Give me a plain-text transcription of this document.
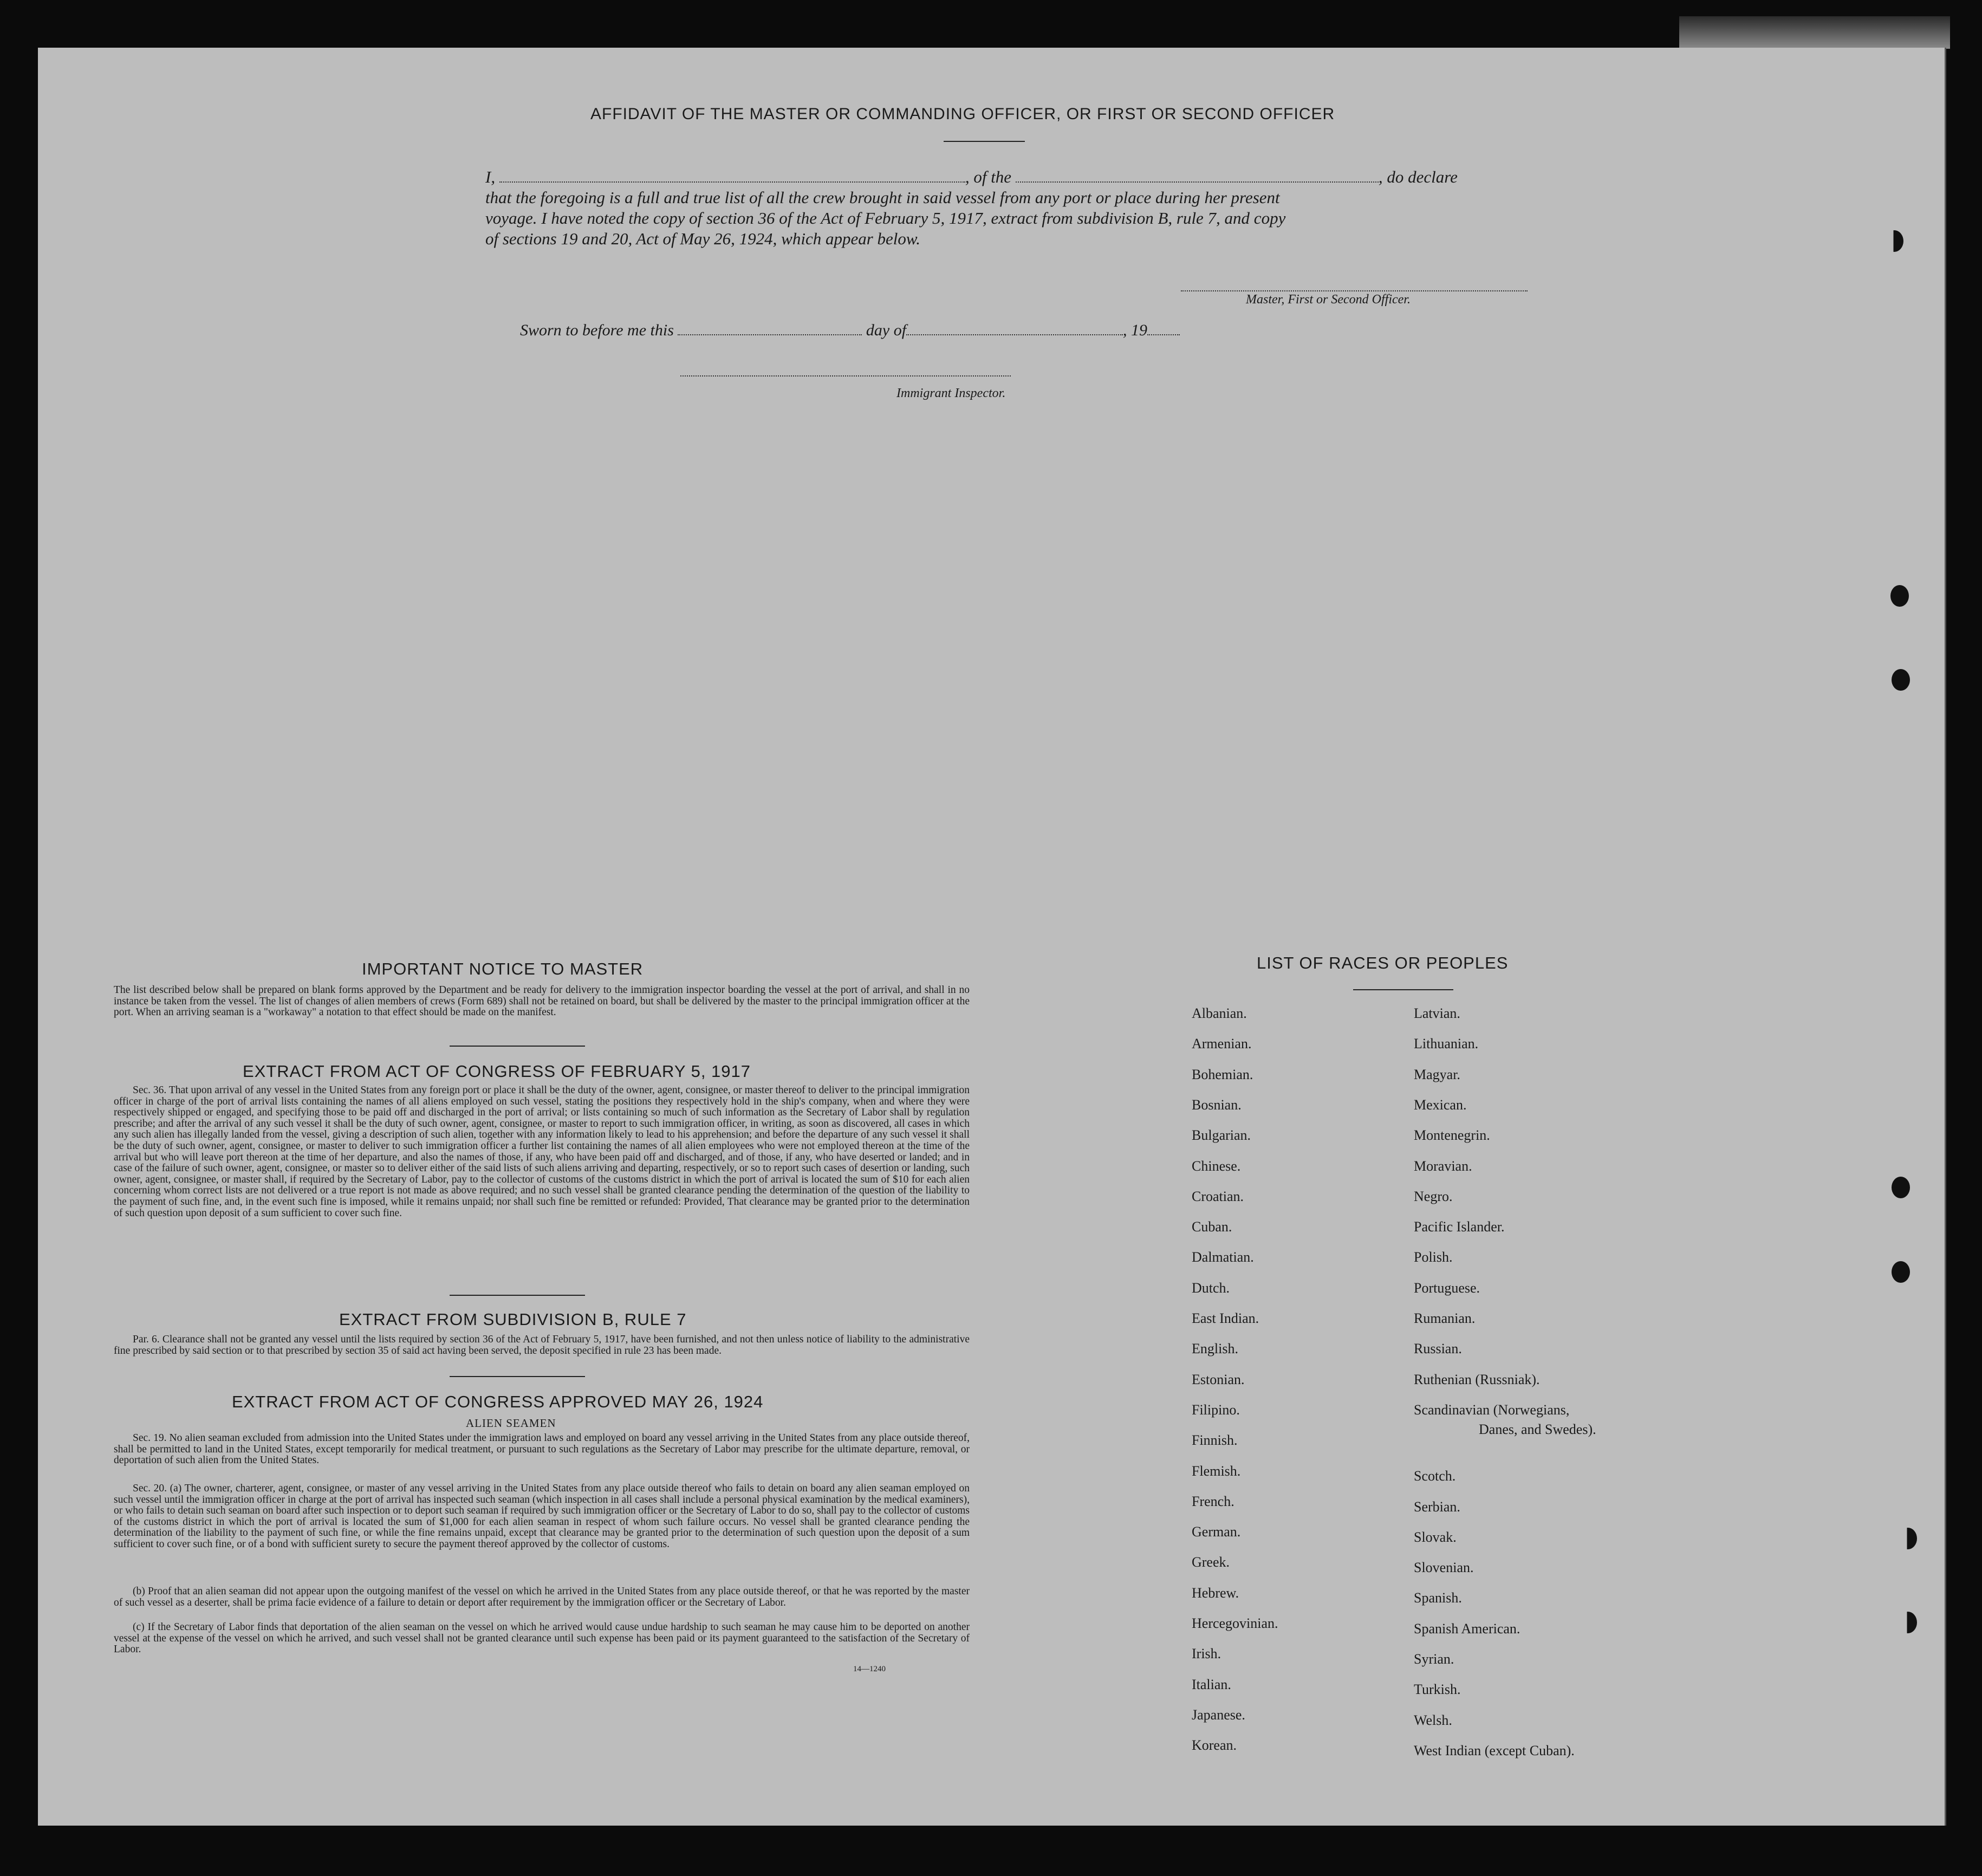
AFFIDAVIT OF THE MASTER OR COMMANDING OFFICER, OR FIRST OR SECOND OFFICER
I,	, of the	, do declare
that the foregoing is a full and true list of all the crew brought in said vessel from any port or place during her present
voyage. I have noted the copy of section 36 of the Act of February 5, 1917, extract from subdivision B, rule 7, and copy
of sections 19 and 20, Act of May 26, 1924, which appear below.
Master, First or Second Officer.
Sworn to before me this	day of	, 19
Immigrant Inspector.
IMPORTANT NOTICE TO MASTER
The list described below shall be prepared on blank forms approved by the Department and be ready for delivery to the immigration inspector boarding the vessel at the port of arrival, and shall in no instance be taken from the vessel. The list of changes of alien members of crews (Form 689) shall not be retained on board, but shall be delivered by the master to the principal immigration officer at the port. When an arriving seaman is a "workaway" a notation to that effect should be made on the manifest.
EXTRACT FROM ACT OF CONGRESS OF FEBRUARY 5, 1917
Sec. 36. That upon arrival of any vessel in the United States from any foreign port or place it shall be the duty of the owner, agent, consignee, or master thereof to deliver to the principal immigration officer in charge of the port of arrival lists containing the names of all aliens employed on such vessel, stating the positions they respectively hold in the ship's company, when and where they were respectively shipped or engaged, and specifying those to be paid off and discharged in the port of arrival; or lists containing so much of such information as the Secretary of Labor shall by regulation prescribe; and after the arrival of any such vessel it shall be the duty of such owner, agent, consignee, or master to report to such immigration officer, in writing, as soon as discovered, all cases in which any such alien has illegally landed from the vessel, giving a description of such alien, together with any information likely to lead to his apprehension; and before the departure of any such vessel it shall be the duty of such owner, agent, consignee, or master to deliver to such immigration officer a further list containing the names of all alien employees who were not employed thereon at the time of the arrival but who will leave port thereon at the time of her departure, and also the names of those, if any, who have been paid off and discharged, and of those, if any, who have deserted or landed; and in case of the failure of such owner, agent, consignee, or master so to deliver either of the said lists of such aliens arriving and departing, respectively, or so to report such cases of desertion or landing, such owner, agent, consignee, or master shall, if required by the Secretary of Labor, pay to the collector of customs of the customs district in which the port of arrival is located the sum of $10 for each alien concerning whom correct lists are not delivered or a true report is not made as above required; and no such vessel shall be granted clearance pending the determination of the question of the liability to the payment of such fine, and, in the event such fine is imposed, while it remains unpaid; nor shall such fine be remitted or refunded: Provided, That clearance may be granted prior to the determination of such question upon deposit of a sum sufficient to cover such fine.
EXTRACT FROM SUBDIVISION B, RULE 7
Par. 6. Clearance shall not be granted any vessel until the lists required by section 36 of the Act of February 5, 1917, have been furnished, and not then unless notice of liability to the administrative fine prescribed by said section or to that prescribed by section 35 of said act having been served, the deposit specified in rule 23 has been made.
EXTRACT FROM ACT OF CONGRESS APPROVED MAY 26, 1924
ALIEN SEAMEN
Sec. 19. No alien seaman excluded from admission into the United States under the immigration laws and employed on board any vessel arriving in the United States from any place outside thereof, shall be permitted to land in the United States, except temporarily for medical treatment, or pursuant to such regulations as the Secretary of Labor may prescribe for the ultimate departure, removal, or deportation of such alien from the United States.
Sec. 20. (a) The owner, charterer, agent, consignee, or master of any vessel arriving in the United States from any place outside thereof who fails to detain on board any alien seaman employed on such vessel until the immigration officer in charge at the port of arrival has inspected such seaman (which inspection in all cases shall include a personal physical examination by the medical examiners), or who fails to detain such seaman on board after such inspection or to deport such seaman if required by such immigration officer or the Secretary of Labor to do so, shall pay to the collector of customs of the customs district in which the port of arrival is located the sum of $1,000 for each alien seaman in respect of whom such failure occurs. No vessel shall be granted clearance pending the determination of the liability to the payment of such fine, or while the fine remains unpaid, except that clearance may be granted prior to the determination of such question upon the deposit of a sum sufficient to cover such fine, or of a bond with sufficient surety to secure the payment thereof approved by the collector of customs.
(b) Proof that an alien seaman did not appear upon the outgoing manifest of the vessel on which he arrived in the United States from any place outside thereof, or that he was reported by the master of such vessel as a deserter, shall be prima facie evidence of a failure to detain or deport after requirement by the immigration officer or the Secretary of Labor.
(c) If the Secretary of Labor finds that deportation of the alien seaman on the vessel on which he arrived would cause undue hardship to such seaman he may cause him to be deported on another vessel at the expense of the vessel on which he arrived, and such vessel shall not be granted clearance until such expense has been paid or its payment guaranteed to the satisfaction of the Secretary of Labor.
14—1240
LIST OF RACES OR PEOPLES
Albanian.
Armenian.
Bohemian.
Bosnian.
Bulgarian.
Chinese.
Croatian.
Cuban.
Dalmatian.
Dutch.
East Indian.
English.
Estonian.
Filipino.
Finnish.
Flemish.
French.
German.
Greek.
Hebrew.
Hercegovinian.
Irish.
Italian.
Japanese.
Korean.
Latvian.
Lithuanian.
Magyar.
Mexican.
Montenegrin.
Moravian.
Negro.
Pacific Islander.
Polish.
Portuguese.
Rumanian.
Russian.
Ruthenian (Russniak).
Scandinavian (Norwegians,
Danes, and Swedes).
Scotch.
Serbian.
Slovak.
Slovenian.
Spanish.
Spanish American.
Syrian.
Turkish.
Welsh.
West Indian (except Cuban).
